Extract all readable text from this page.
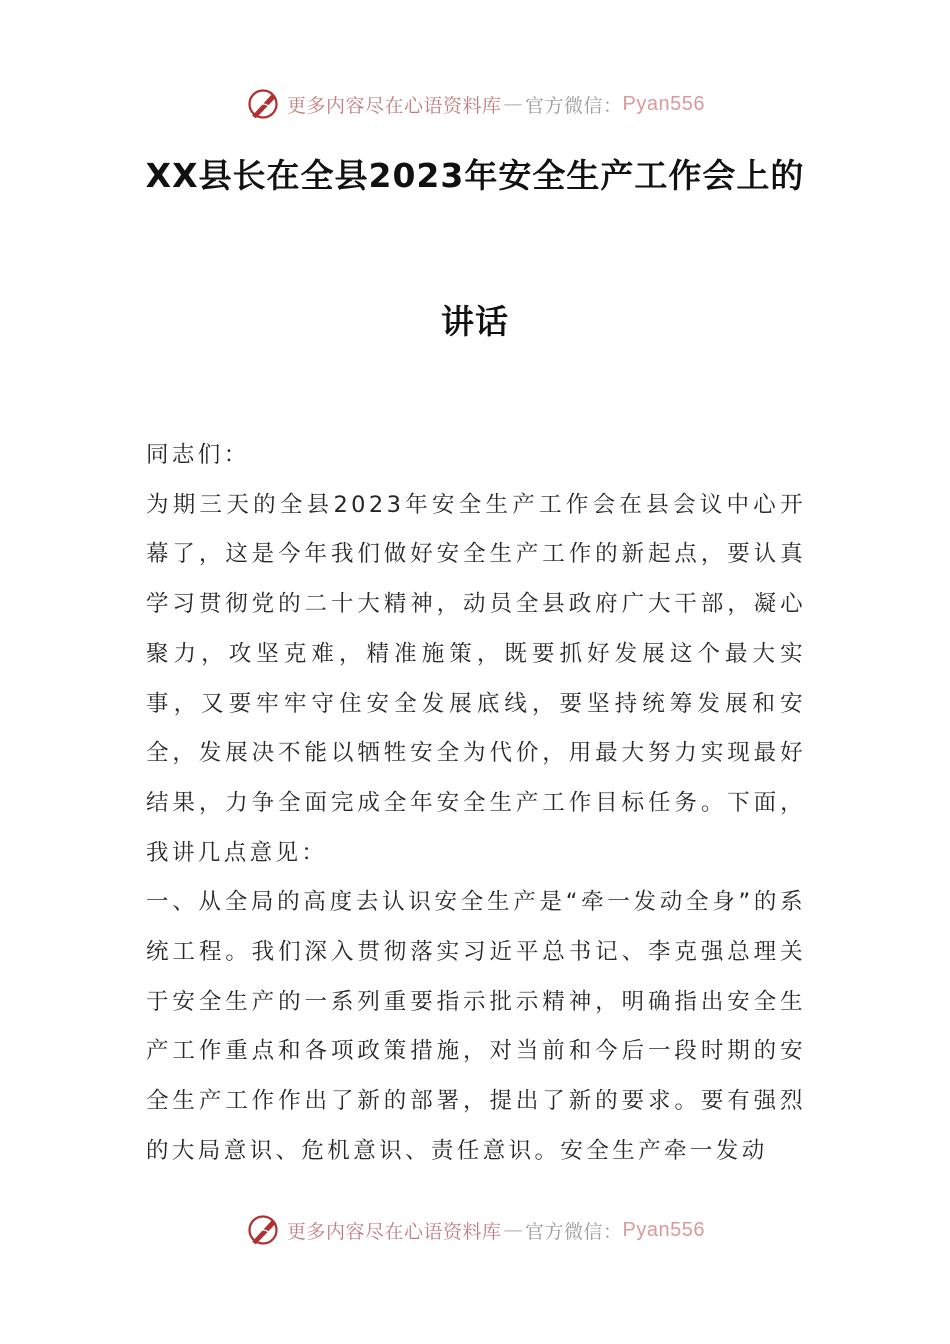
更多内容尽在心语资料库 — 官方微信： Pyan556
XX县长在全县2023年安全生产工作会上的
讲话

同志们：

为期三天的全县2023年安全生产工作会在县会议中心开幕了，这是今年我们做好安全生产工作的新起点，要认真学习贯彻党的二十大精神，动员全县政府广大干部，凝心聚力，攻坚克难，精准施策，既要抓好发展这个最大实事，又要牢牢守住安全发展底线，要坚持统筹发展和安全，发展决不能以牺牲安全为代价，用最大努力实现最好结果，力争全面完成全年安全生产工作目标任务。下面，我讲几点意见：

一、从全局的高度去认识安全生产是“牵一发动全身”的系统工程。我们深入贯彻落实习近平总书记、李克强总理关于安全生产的一系列重要指示批示精神，明确指出安全生产工作重点和各项政策措施，对当前和今后一段时期的安全生产工作作出了新的部署，提出了新的要求。要有强烈的大局意识、危机意识、责任意识。安全生产牵一发动

更多内容尽在心语资料库 — 官方微信： Pyan556
